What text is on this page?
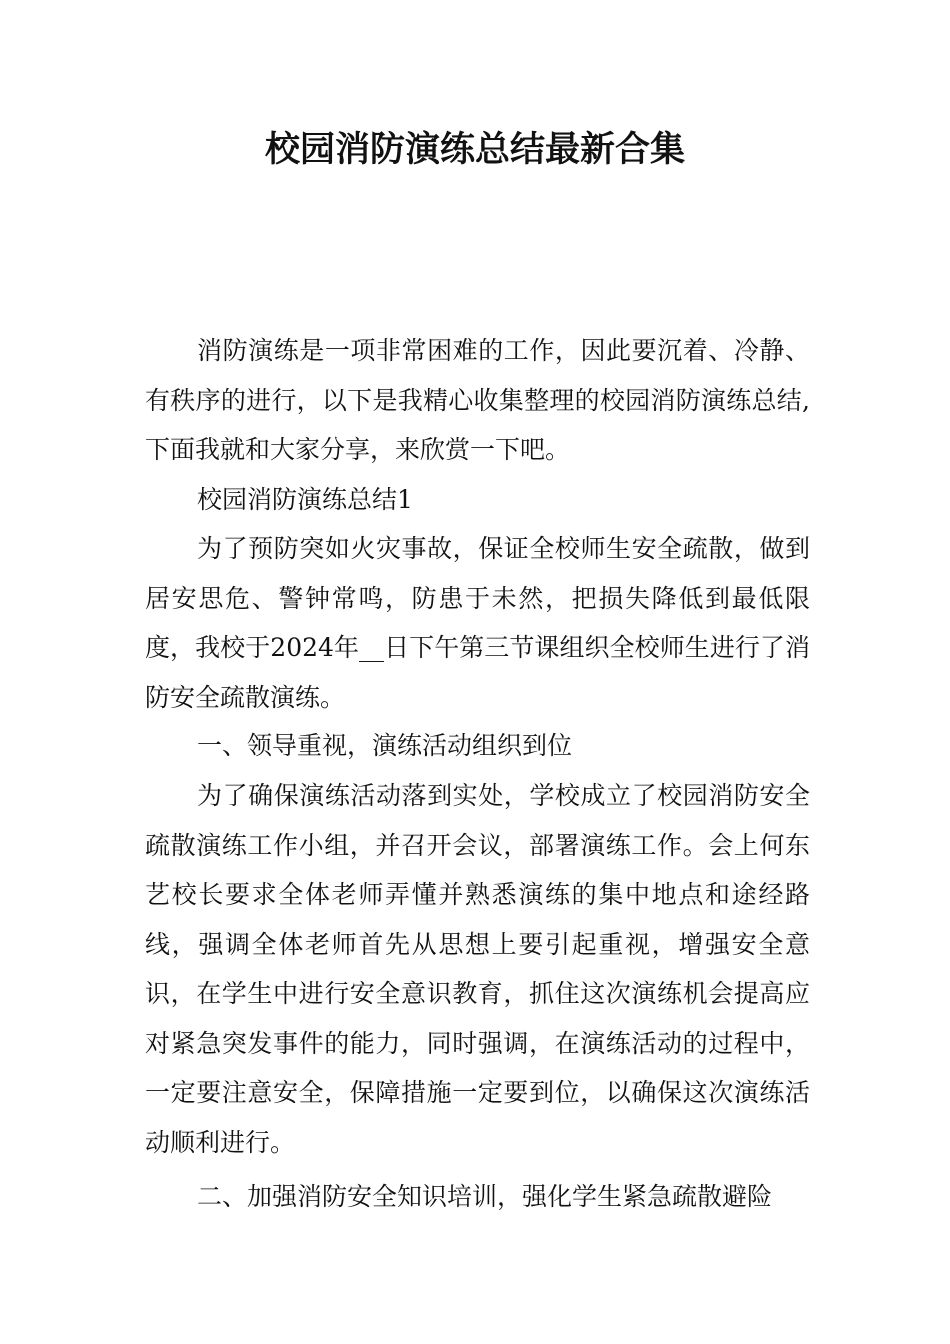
校园消防演练总结最新合集

消防演练是一项非常困难的工作，因此要沉着、冷静、有秩序的进行，以下是我精心收集整理的校园消防演练总结,下面我就和大家分享，来欣赏一下吧。

校园消防演练总结1

为了预防突如火灾事故，保证全校师生安全疏散，做到居安思危、警钟常鸣，防患于未然，把损失降低到最低限度，我校于2024年__日下午第三节课组织全校师生进行了消防安全疏散演练。

一、领导重视，演练活动组织到位

为了确保演练活动落到实处，学校成立了校园消防安全疏散演练工作小组，并召开会议，部署演练工作。会上何东艺校长要求全体老师弄懂并熟悉演练的集中地点和途经路线，强调全体老师首先从思想上要引起重视，增强安全意识，在学生中进行安全意识教育，抓住这次演练机会提高应对紧急突发事件的能力，同时强调，在演练活动的过程中，一定要注意安全，保障措施一定要到位，以确保这次演练活动顺利进行。

二、加强消防安全知识培训，强化学生紧急疏散避险
